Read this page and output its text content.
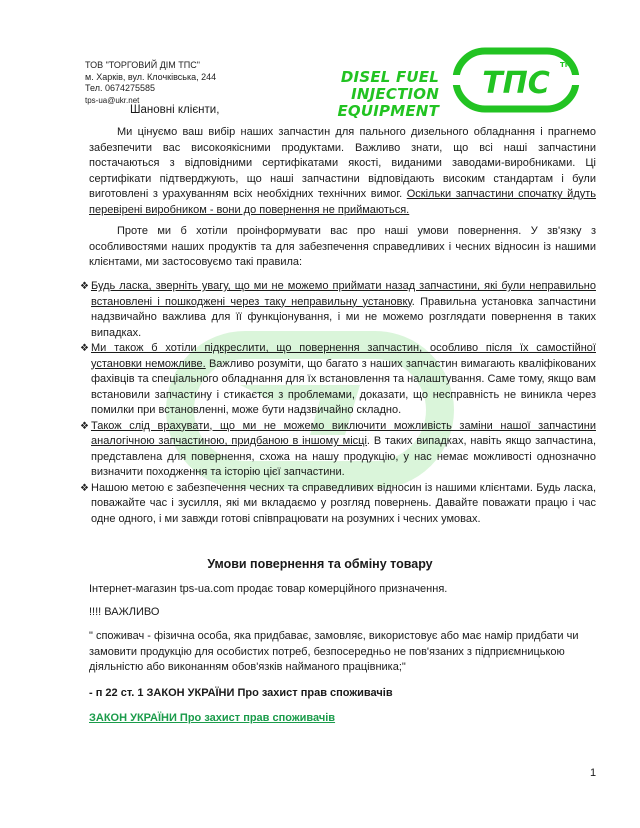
ТОВ "ТОРГОВИЙ ДІМ ТПС"
м. Харків, вул. Клочківська, 244
Тел. 0674275585
tps-ua@ukr.net
DISEL FUEL
INJECTION EQUIPMENT
ТПС
TM
Шановні клієнти,

Ми цінуємо ваш вибір наших запчастин для пального дизельного обладнання і прагнемо забезпечити вас високоякісними продуктами. Важливо знати, що всі наші запчастини постачаються з відповідними сертифікатами якості, виданими заводами-виробниками. Ці сертифікати підтверджують, що наші запчастини відповідають високим стандартам і були виготовлені з урахуванням всіх необхідних технічних вимог. Оскільки запчастини спочатку йдуть перевірені виробником - вони до повернення не приймаються.

Проте ми б хотіли проінформувати вас про наші умови повернення. У зв'язку з особливостями наших продуктів та для забезпечення справедливих і чесних відносин із нашими клієнтами, ми застосовуємо такі правила:

❖ Будь ласка, зверніть увагу, що ми не можемо приймати назад запчастини, які були неправильно встановлені і пошкоджені через таку неправильну установку. Правильна установка запчастини надзвичайно важлива для її функціонування, і ми не можемо розглядати повернення в таких випадках.
❖ Ми також б хотіли підкреслити, що повернення запчастин, особливо після їх самостійної установки неможливе. Важливо розуміти, що багато з наших запчастин вимагають кваліфікованих фахівців та спеціального обладнання для їх встановлення та налаштування. Саме тому, якщо вам встановили запчастину і стикаєтся з проблемами, доказати, що несправність не виникла через помилки при встановленні, може бути надзвичайно складно.
❖ Також слід врахувати, що ми не можемо виключити можливість заміни нашої запчастини аналогічною запчастиною, придбаною в іншому місці. В таких випадках, навіть якщо запчастина, представлена для повернення, схожа на нашу продукцію, у нас немає можливості однозначно визначити походження та історію цієї запчастини.
❖ Нашою метою є забезпечення чесних та справедливих відносин із нашими клієнтами. Будь ласка, поважайте час і зусилля, які ми вкладаємо у розгляд повернень. Давайте поважати працю і час одне одного, і ми завжди готові співпрацювати на розумних і чесних умовах.
Умови повернення та обміну товару
Інтернет-магазин tps-ua.com продає товар комерційного призначення.
!!!! ВАЖЛИВО
" споживач - фізична особа, яка придбаває, замовляє, використовує або має намір придбати чи замовити продукцію для особистих потреб, безпосередньо не пов'язаних з підприємницькою діяльністю або виконанням обов'язків найманого працівника;"
- п 22 ст. 1 ЗАКОН УКРАЇНИ Про захист прав споживачів
ЗАКОН УКРАЇНИ Про захист прав споживачів
1
